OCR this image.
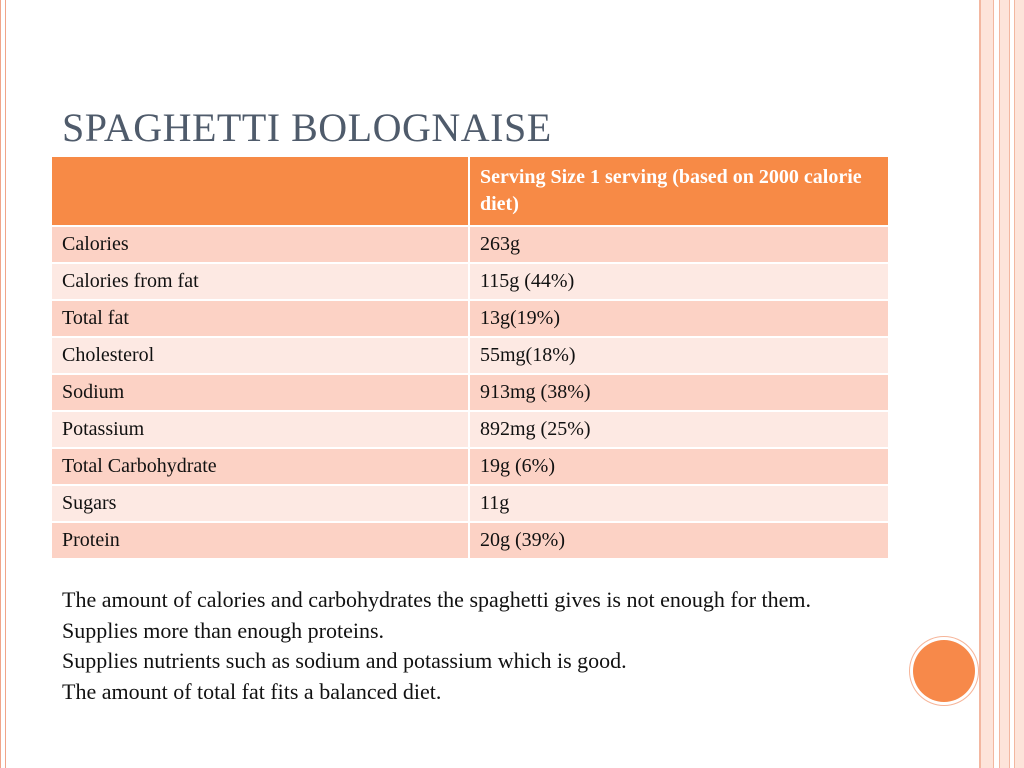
SPAGHETTI BOLOGNAISE
	Serving Size 1 serving (based on 2000 calorie diet)
Calories	263g
Calories from fat	115g (44%)
Total fat	13g(19%)
Cholesterol	55mg(18%)
Sodium	913mg (38%)
Potassium	892mg (25%)
Total Carbohydrate	19g (6%)
Sugars	11g
Protein	20g (39%)

The amount of calories and carbohydrates the spaghetti gives is not enough for them.

Supplies more than enough proteins.

Supplies nutrients such as sodium and potassium which is good.

The amount of total fat fits a balanced diet.
